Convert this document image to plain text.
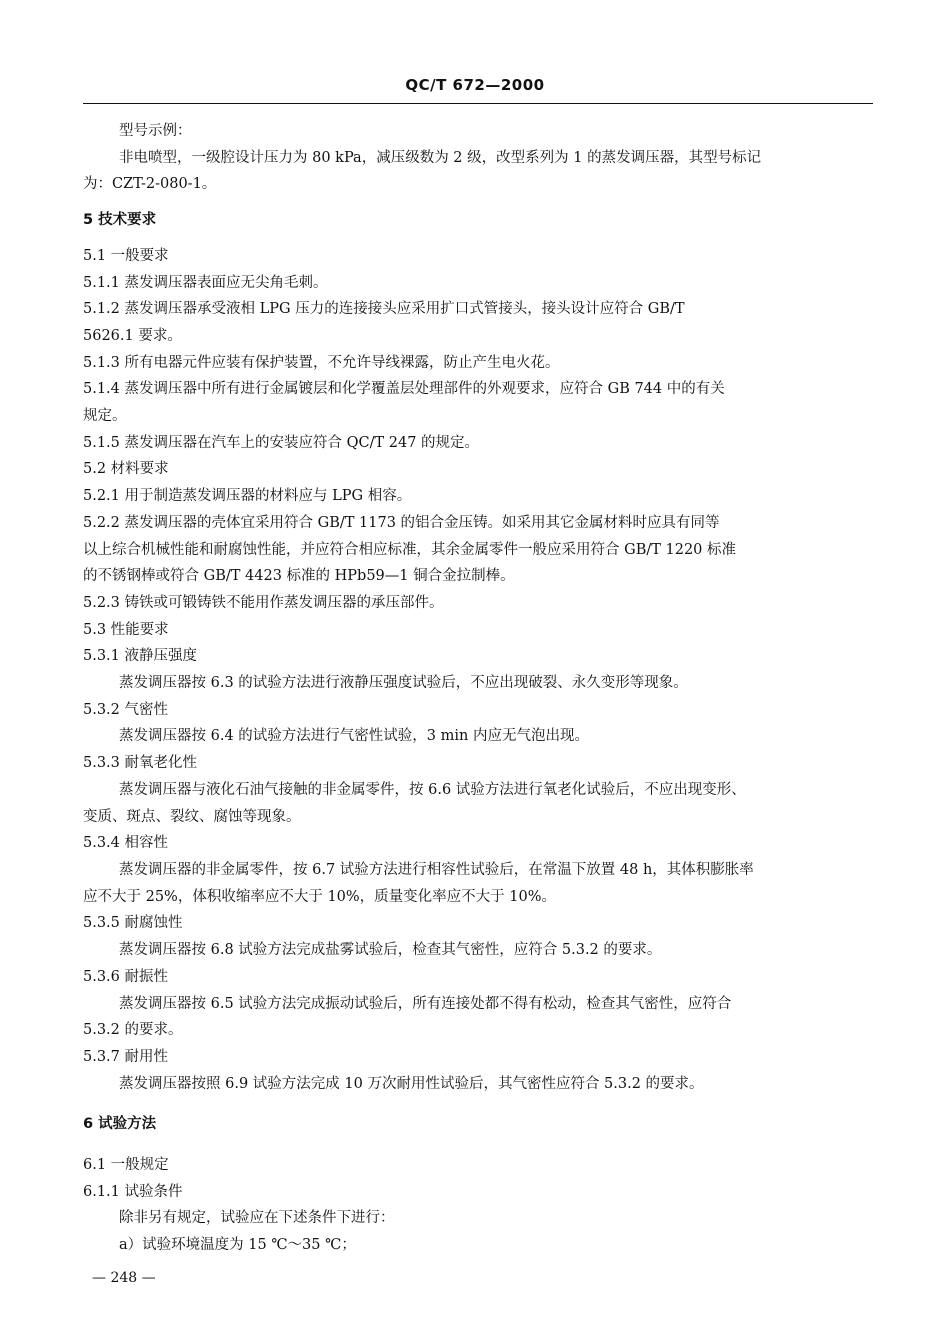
QC/T 672—2000

型号示例：

非电喷型，一级腔设计压力为 80 kPa，减压级数为 2 级，改型系列为 1 的蒸发调压器，其型号标记

为：CZT-2-080-1。

5 技术要求

5.1 一般要求

5.1.1 蒸发调压器表面应无尖角毛刺。

5.1.2 蒸发调压器承受液相 LPG 压力的连接接头应采用扩口式管接头，接头设计应符合 GB/T

5626.1 要求。

5.1.3 所有电器元件应装有保护装置，不允许导线裸露，防止产生电火花。

5.1.4 蒸发调压器中所有进行金属镀层和化学覆盖层处理部件的外观要求，应符合 GB 744 中的有关

规定。

5.1.5 蒸发调压器在汽车上的安装应符合 QC/T 247 的规定。

5.2 材料要求

5.2.1 用于制造蒸发调压器的材料应与 LPG 相容。

5.2.2 蒸发调压器的壳体宜采用符合 GB/T 1173 的铝合金压铸。如采用其它金属材料时应具有同等

以上综合机械性能和耐腐蚀性能，并应符合相应标准，其余金属零件一般应采用符合 GB/T 1220 标准

的不锈钢棒或符合 GB/T 4423 标准的 HPb59—1 铜合金拉制棒。

5.2.3 铸铁或可锻铸铁不能用作蒸发调压器的承压部件。

5.3 性能要求

5.3.1 液静压强度

蒸发调压器按 6.3 的试验方法进行液静压强度试验后，不应出现破裂、永久变形等现象。

5.3.2 气密性

蒸发调压器按 6.4 的试验方法进行气密性试验，3 min 内应无气泡出现。

5.3.3 耐氧老化性

蒸发调压器与液化石油气接触的非金属零件，按 6.6 试验方法进行氧老化试验后，不应出现变形、

变质、斑点、裂纹、腐蚀等现象。

5.3.4 相容性

蒸发调压器的非金属零件，按 6.7 试验方法进行相容性试验后，在常温下放置 48 h，其体积膨胀率

应不大于 25%，体积收缩率应不大于 10%，质量变化率应不大于 10%。

5.3.5 耐腐蚀性

蒸发调压器按 6.8 试验方法完成盐雾试验后，检查其气密性，应符合 5.3.2 的要求。

5.3.6 耐振性

蒸发调压器按 6.5 试验方法完成振动试验后，所有连接处都不得有松动，检查其气密性，应符合

5.3.2 的要求。

5.3.7 耐用性

蒸发调压器按照 6.9 试验方法完成 10 万次耐用性试验后，其气密性应符合 5.3.2 的要求。

6 试验方法

6.1 一般规定

6.1.1 试验条件

除非另有规定，试验应在下述条件下进行：

a）试验环境温度为 15 ℃～35 ℃；

— 248 —
